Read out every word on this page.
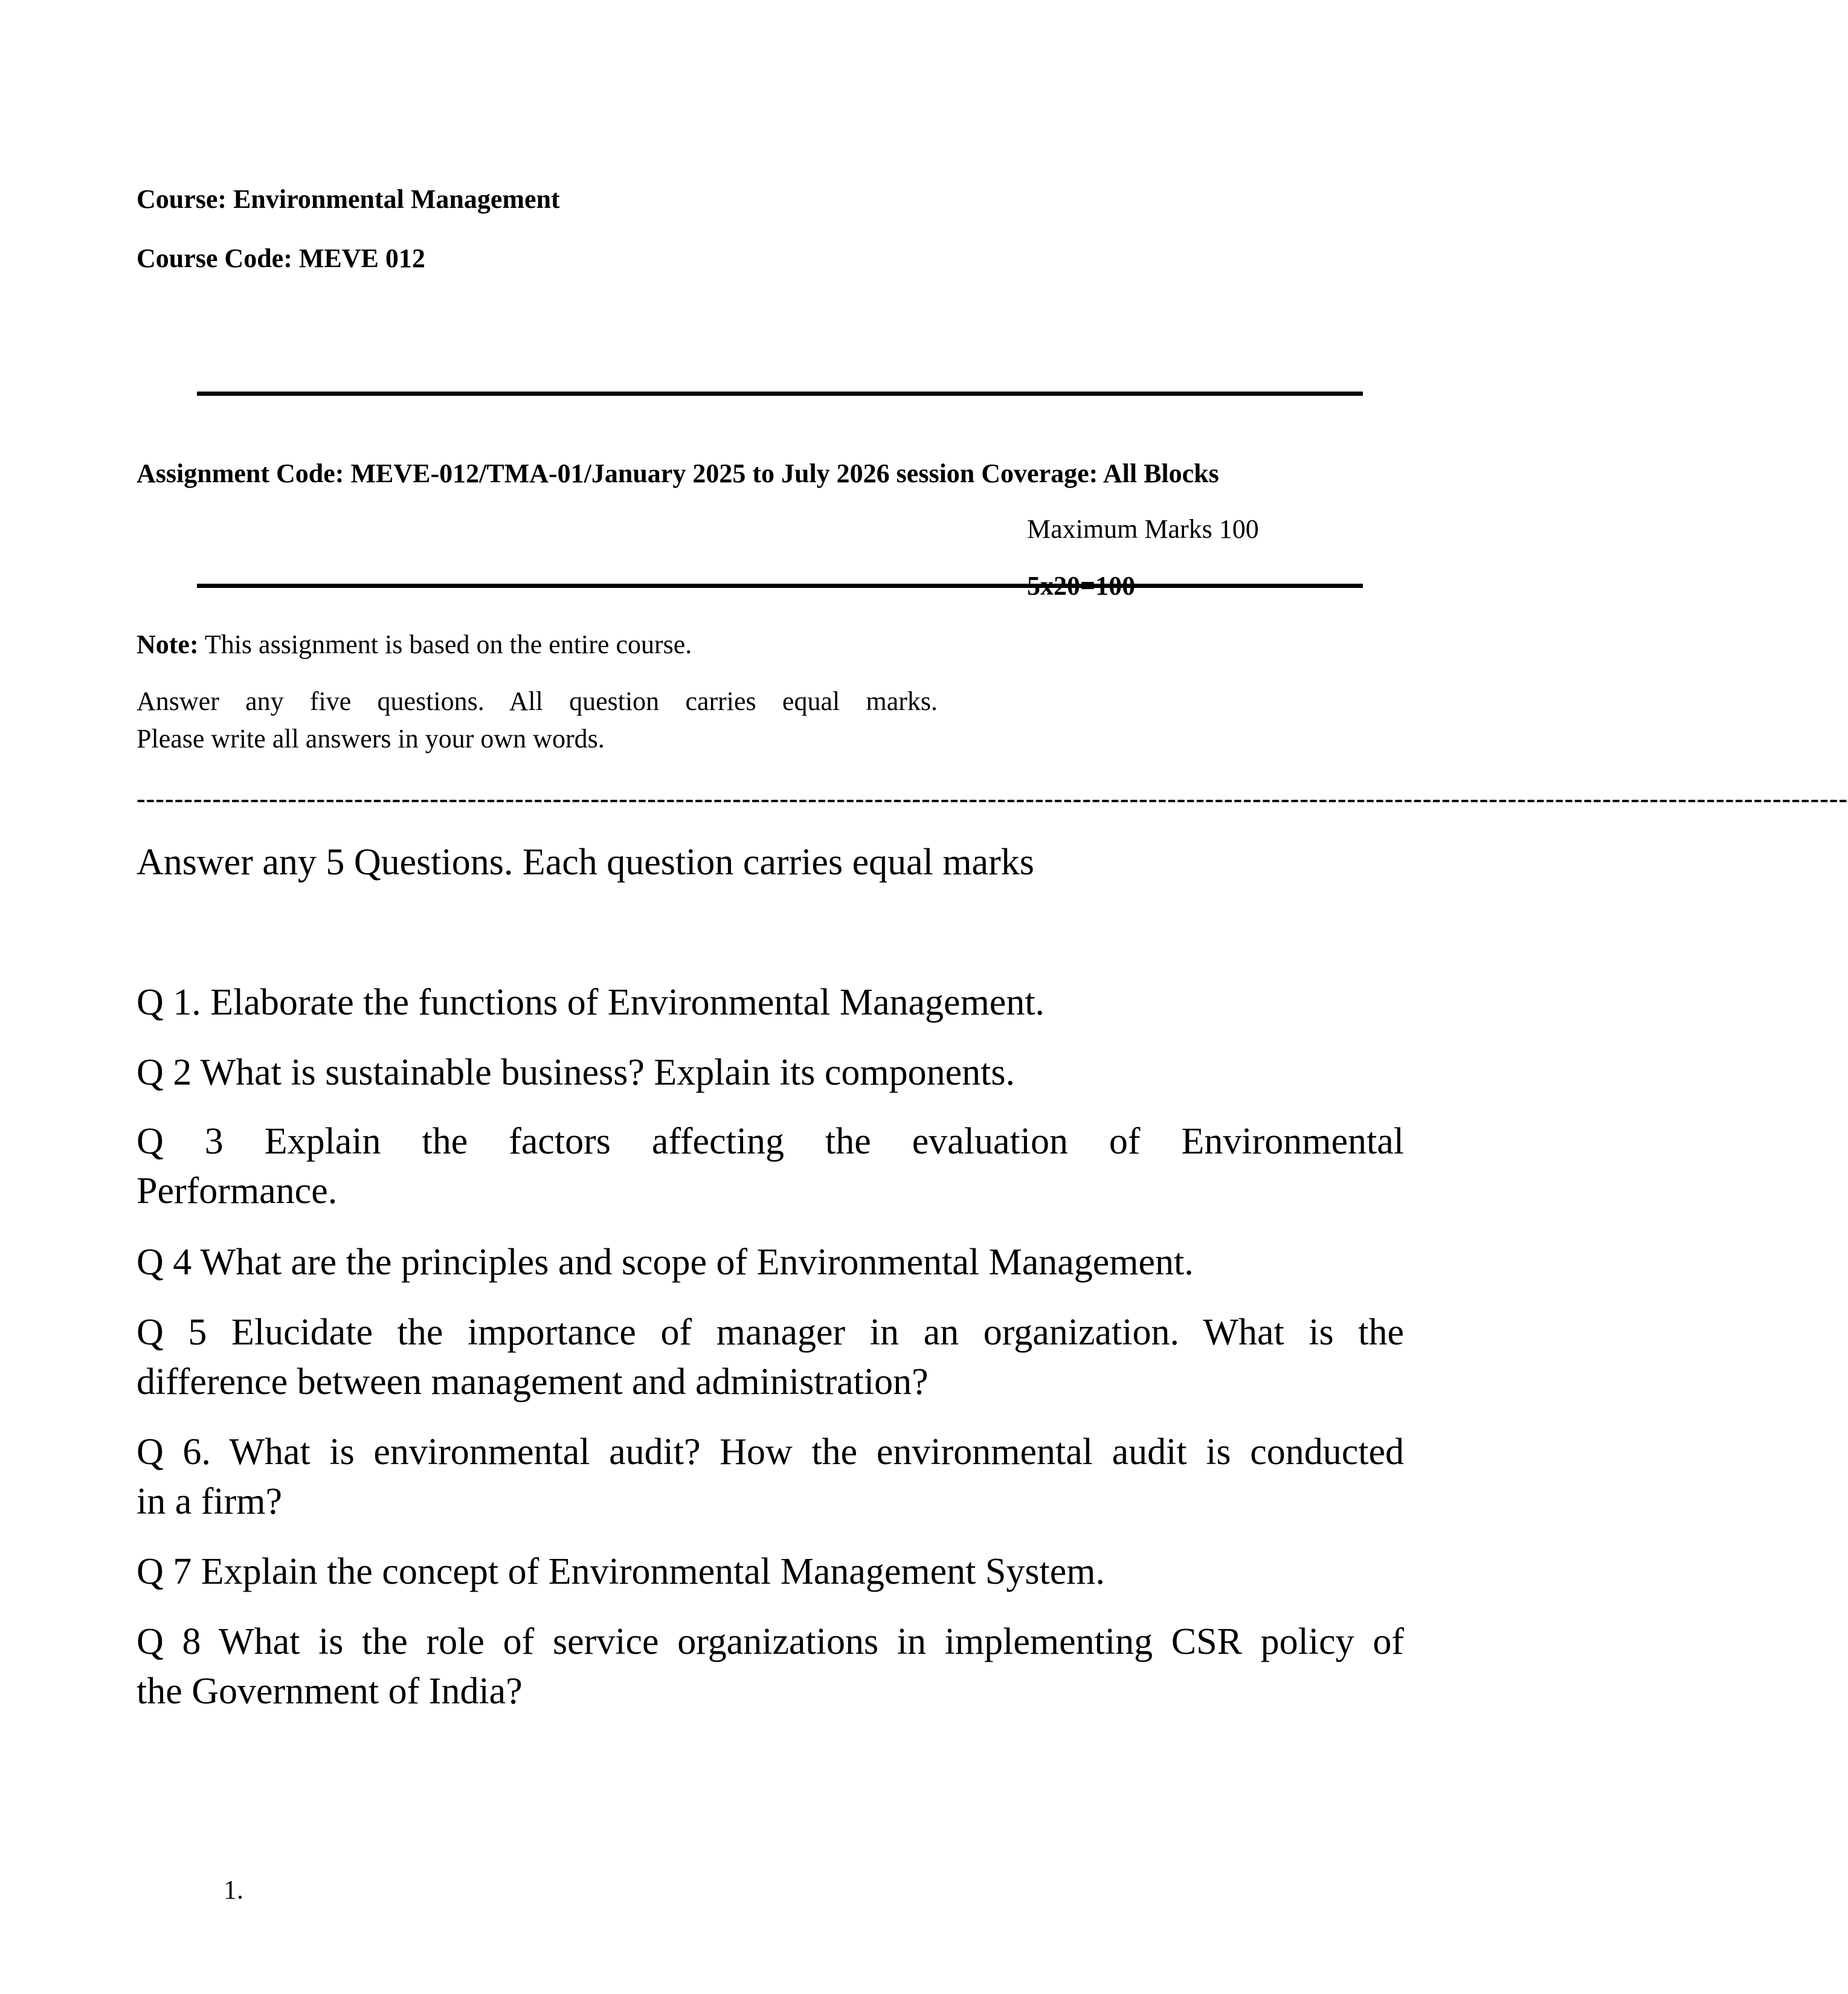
Course: Environmental Management
Course Code: MEVE 012
Assignment Code: MEVE-012/TMA-01/January 2025 to July 2026 session Coverage: All Blocks
Maximum Marks 100
5x20=100
Note: This assignment is based on the entire course.
Answer any five questions. All question carries equal marks.
Please write all answers in your own words.
-------------------------------------------------------------------------------------------------------------------------------------------------------------------------------------
Answer any 5 Questions. Each question carries equal marks
Q 1. Elaborate the functions of Environmental Management.
Q 2 What is sustainable business? Explain its components.
Q 3 Explain the factors affecting the evaluation of Environmental
Performance.
Q 4 What are the principles and scope of Environmental Management.
Q 5 Elucidate the importance of manager in an organization. What is the
difference between management and administration?
Q 6. What is environmental audit? How the environmental audit is conducted
in a firm?
Q 7 Explain the concept of Environmental Management System.
Q 8 What is the role of service organizations in implementing CSR policy of
the Government of India?
1.
